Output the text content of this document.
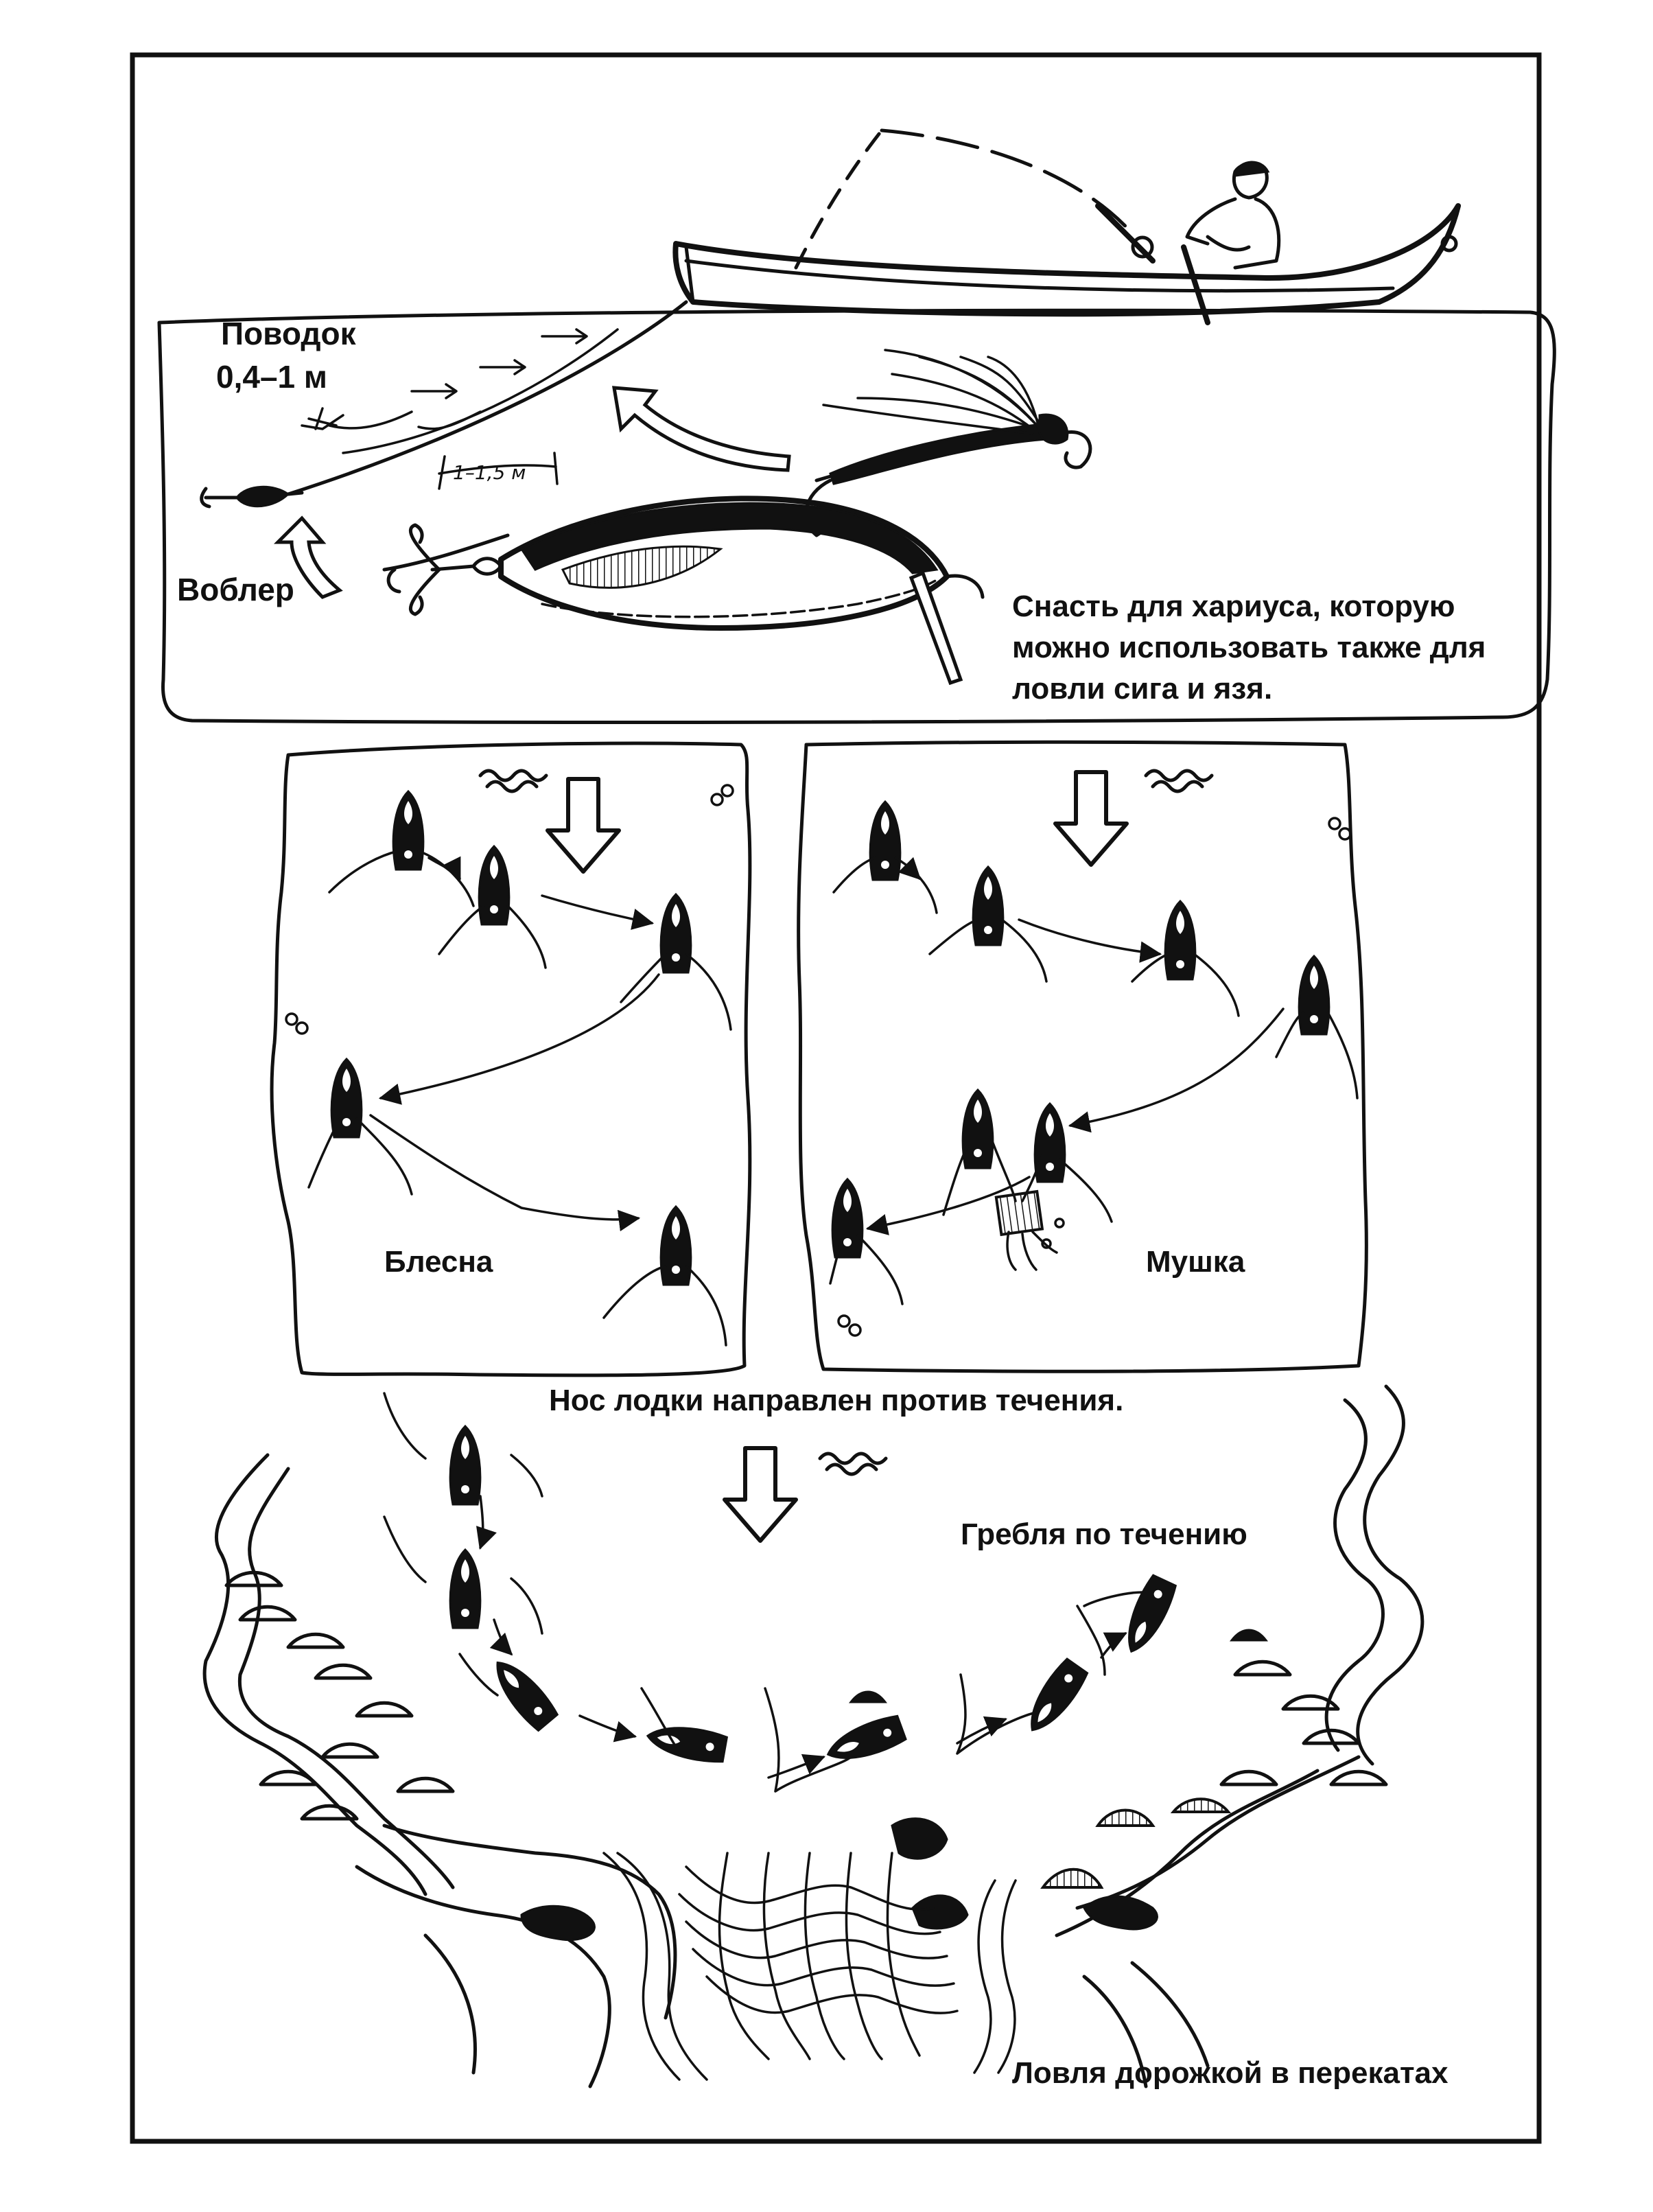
1–1,5 м
Поводок
0,4–1 м
Воблер	Снасть для хариуса, которую
можно использовать также для
ловли сига и язя.
Блесна	Мушка
Нос лодки направлен против течения.
Гребля по течению
Ловля дорожкой в перекатах
